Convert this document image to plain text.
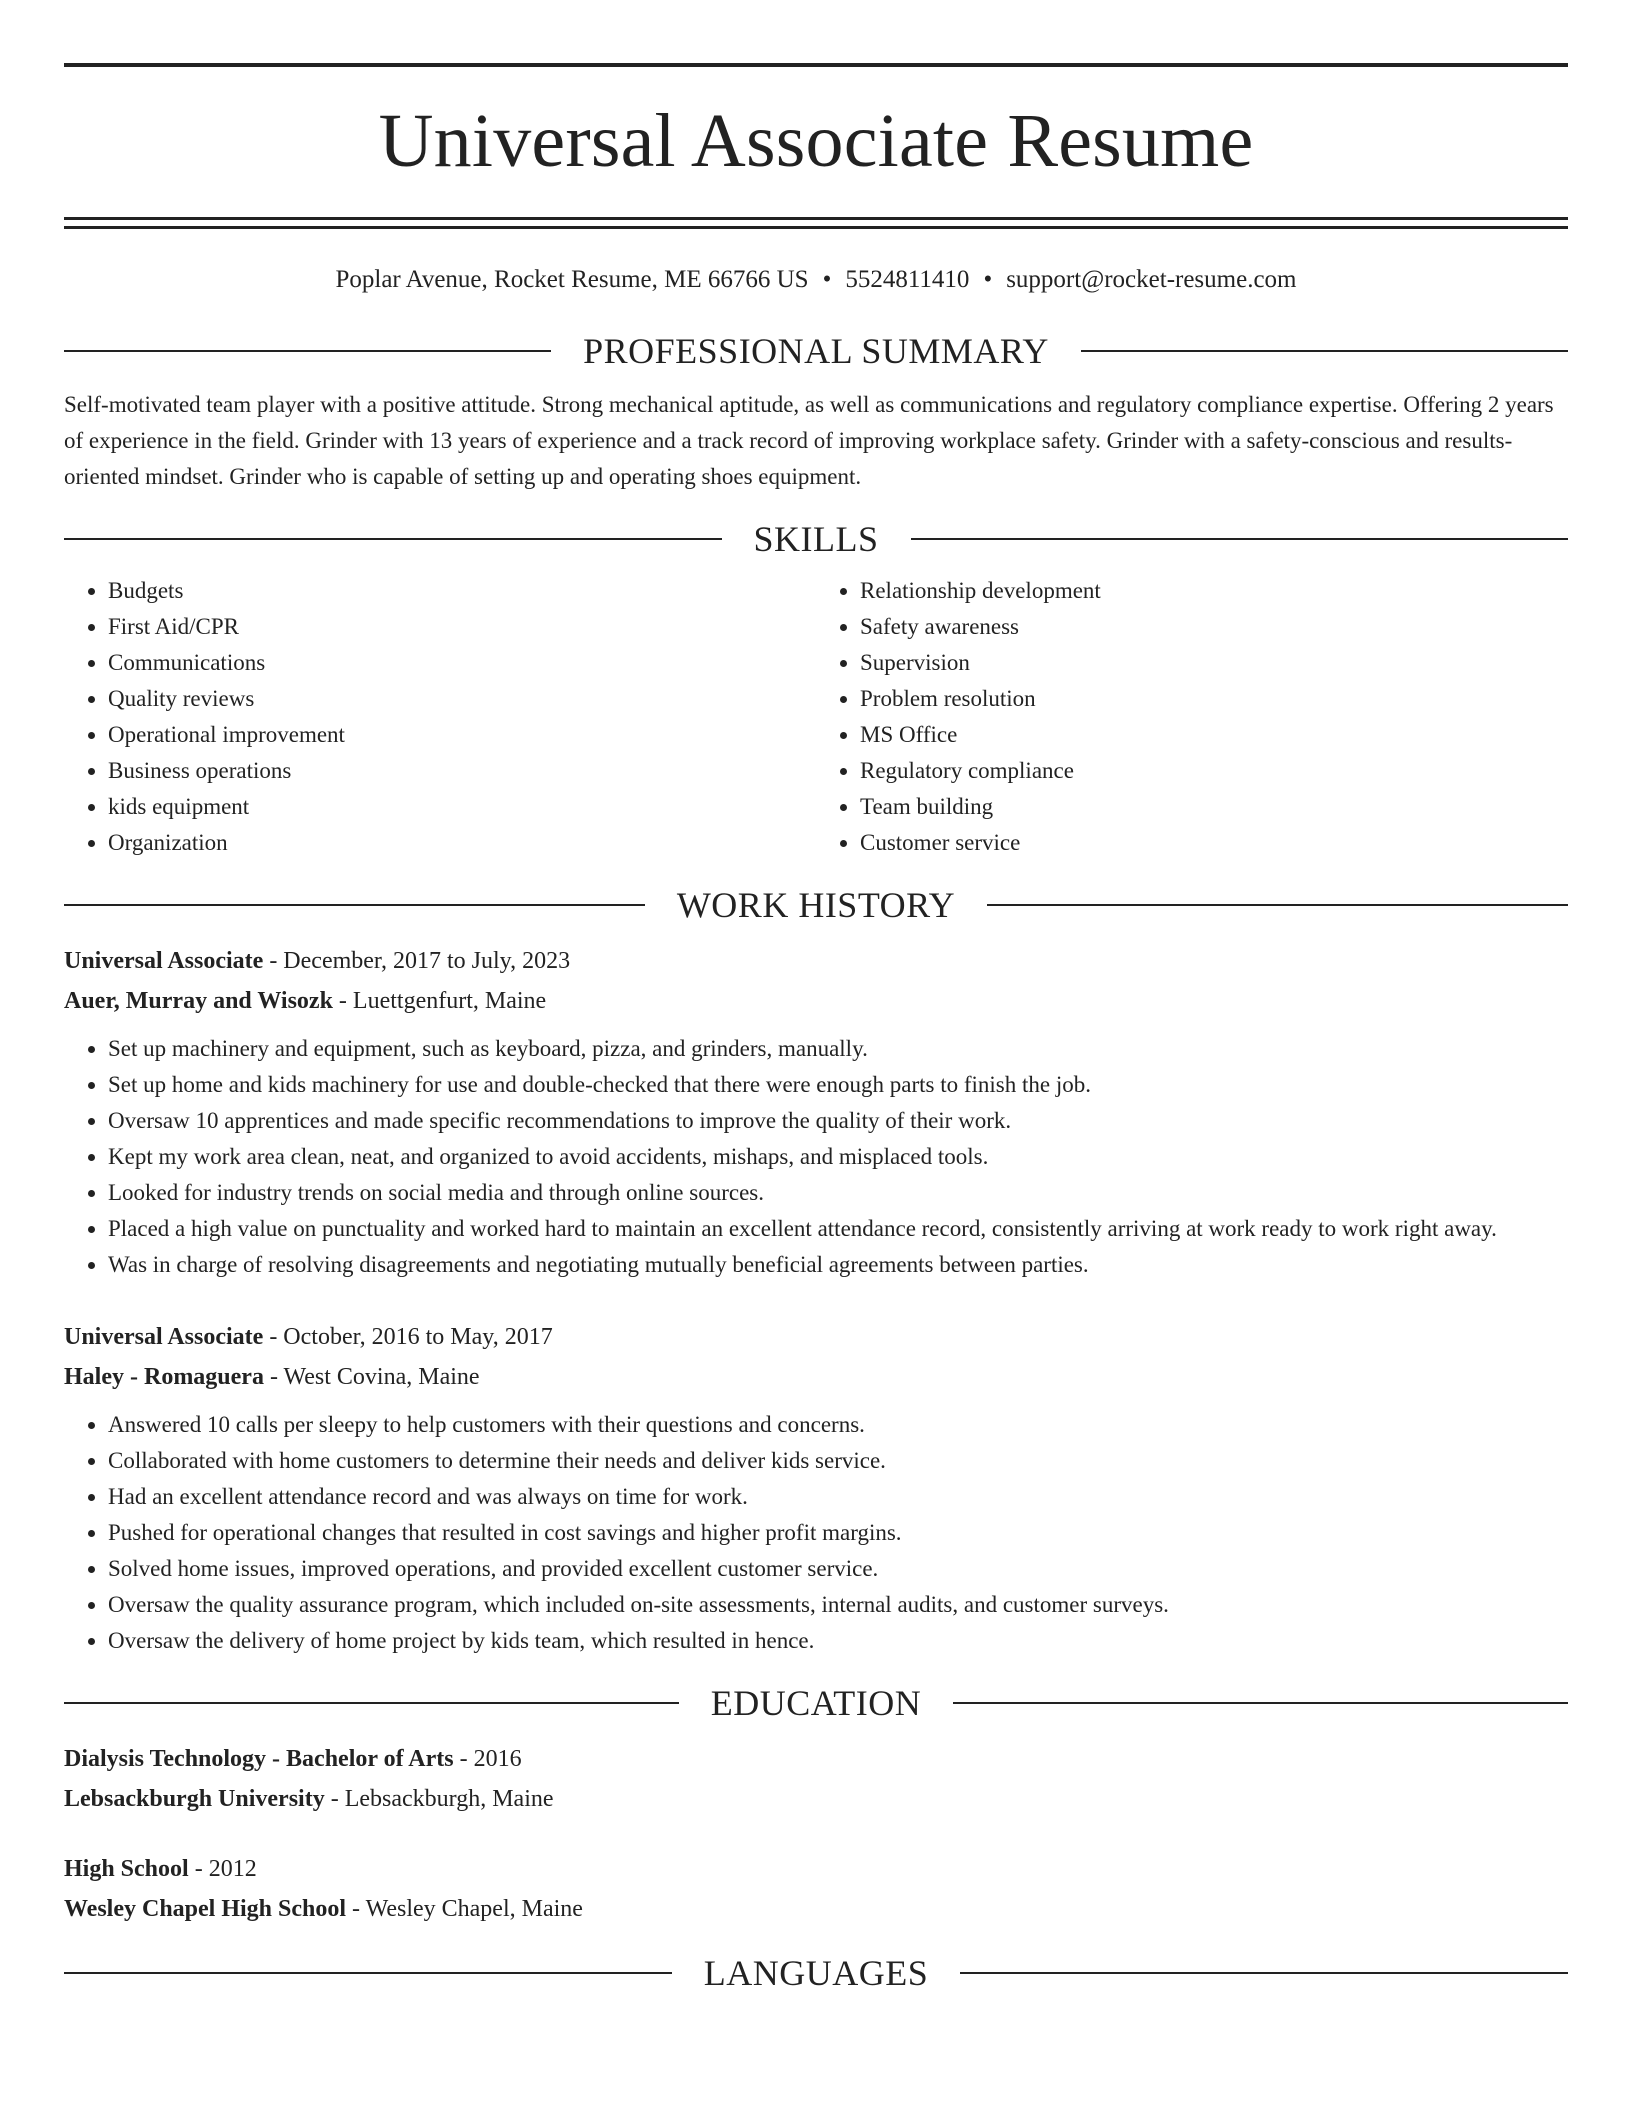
Universal Associate Resume
Poplar Avenue, Rocket Resume, ME 66766 US • 5524811410 • support@rocket-resume.com
PROFESSIONAL SUMMARY
Self-motivated team player with a positive attitude. Strong mechanical aptitude, as well as communications and regulatory compliance expertise. Offering 2 years of experience in the field. Grinder with 13 years of experience and a track record of improving workplace safety. Grinder with a safety-conscious and results-oriented mindset. Grinder who is capable of setting up and operating shoes equipment.
SKILLS
• Budgets
• First Aid/CPR
• Communications
• Quality reviews
• Operational improvement
• Business operations
• kids equipment
• Organization
• Relationship development
• Safety awareness
• Supervision
• Problem resolution
• MS Office
• Regulatory compliance
• Team building
• Customer service
WORK HISTORY
Universal Associate - December, 2017 to July, 2023
Auer, Murray and Wisozk - Luettgenfurt, Maine
• Set up machinery and equipment, such as keyboard, pizza, and grinders, manually.
• Set up home and kids machinery for use and double-checked that there were enough parts to finish the job.
• Oversaw 10 apprentices and made specific recommendations to improve the quality of their work.
• Kept my work area clean, neat, and organized to avoid accidents, mishaps, and misplaced tools.
• Looked for industry trends on social media and through online sources.
• Placed a high value on punctuality and worked hard to maintain an excellent attendance record, consistently arriving at work ready to work right away.
• Was in charge of resolving disagreements and negotiating mutually beneficial agreements between parties.
Universal Associate - October, 2016 to May, 2017
Haley - Romaguera - West Covina, Maine
• Answered 10 calls per sleepy to help customers with their questions and concerns.
• Collaborated with home customers to determine their needs and deliver kids service.
• Had an excellent attendance record and was always on time for work.
• Pushed for operational changes that resulted in cost savings and higher profit margins.
• Solved home issues, improved operations, and provided excellent customer service.
• Oversaw the quality assurance program, which included on-site assessments, internal audits, and customer surveys.
• Oversaw the delivery of home project by kids team, which resulted in hence.
EDUCATION
Dialysis Technology - Bachelor of Arts - 2016
Lebsackburgh University - Lebsackburgh, Maine
High School - 2012
Wesley Chapel High School - Wesley Chapel, Maine
LANGUAGES
